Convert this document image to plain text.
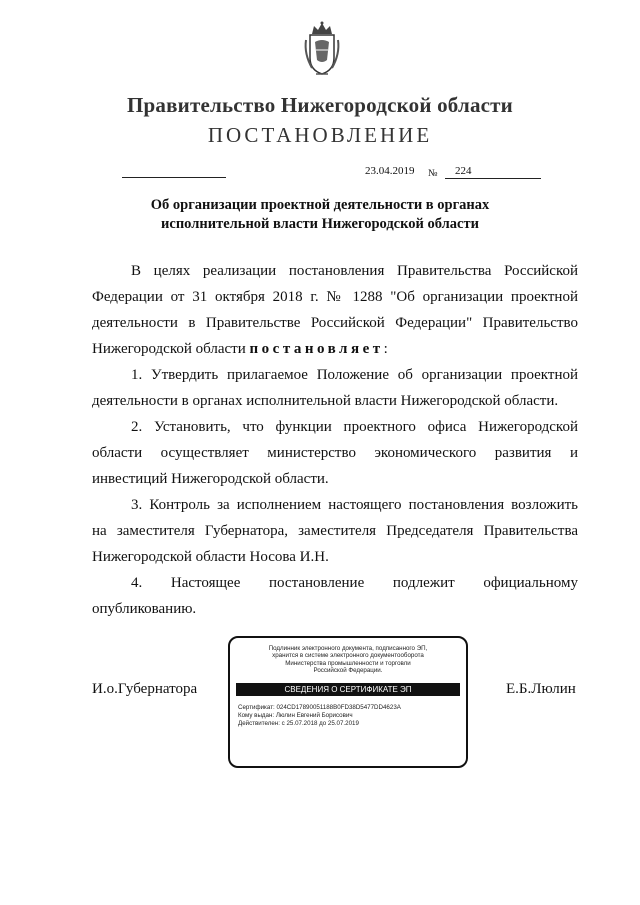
Правительство Нижегородской области
ПОСТАНОВЛЕНИЕ
23.04.2019 № 224
Об организации проектной деятельности в органах
исполнительной власти Нижегородской области
В целях реализации постановления Правительства Российской
Федерации от 31 октября 2018 г. № 1288 "Об организации проектной
деятельности в Правительстве Российской Федерации" Правительство
Нижегородской области постановляет:
1. Утвердить прилагаемое Положение об организации проектной
деятельности в органах исполнительной власти Нижегородской области.
2. Установить, что функции проектного офиса Нижегородской
области осуществляет министерство экономического развития и
инвестиций Нижегородской области.
3. Контроль за исполнением настоящего постановления возложить
на заместителя Губернатора, заместителя Председателя Правительства
Нижегородской области Носова И.Н.
4. Настоящее постановление подлежит официальному
опубликованию.
И.о.Губернатора	Е.Б.Люлин
Подлинник электронного документа, подписанного ЭП,
хранится в системе электронного документооборота
Министерства промышленности и торговли
Российской Федерации.
СВЕДЕНИЯ О СЕРТИФИКАТЕ ЭП
Сертификат: 024CD17890051188B0FD38D5477DD4623A
Кому выдан: Люлин Евгений Борисович
Действителен: с 25.07.2018 до 25.07.2019
